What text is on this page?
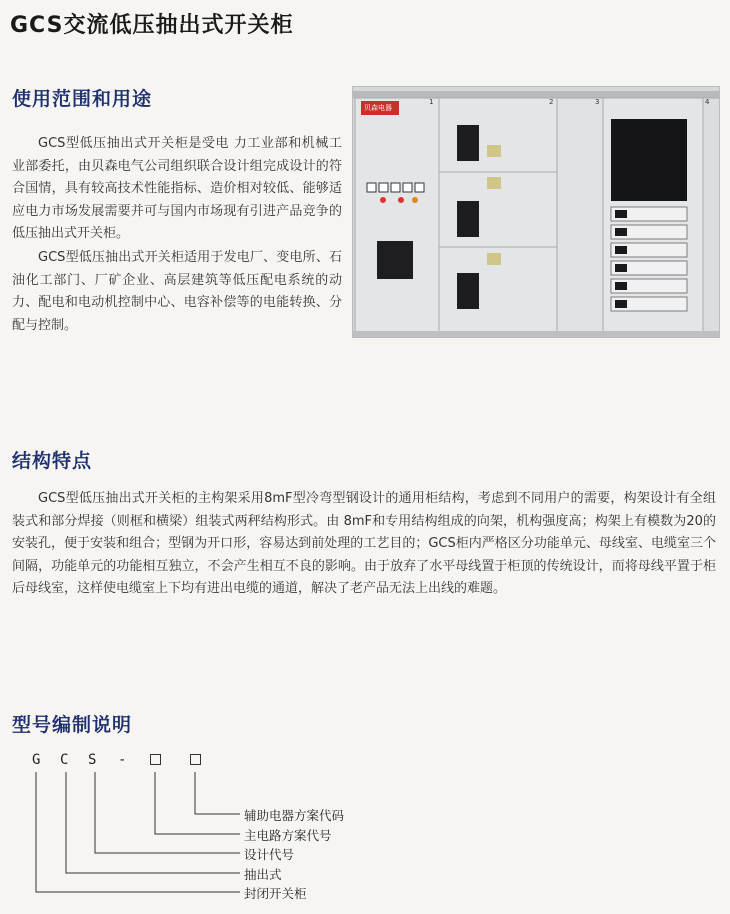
GCS交流低压抽出式开关柜
使用范围和用途

GCS型低压抽出式开关柜是受电 力工业部和机械工业部委托，由贝森电气公司组织联合设计组完成设计的符合国情，具有较高技术性能指标、造价相对较低、能够适应电力市场发展需要并可与国内市场现有引进产品竞争的低压抽出式开关柜。

GCS型低压抽出式开关柜适用于发电厂、变电所、石油化工部门、厂矿企业、高层建筑等低压配电系统的动力、配电和电动机控制中心、电容补偿等的电能转换、分配与控制。

贝森电器
1	2	3	4
结构特点

GCS型低压抽出式开关柜的主构架采用8mF型冷弯型钢设计的通用柜结构，考虑到不同用户的需要，构架设计有全组装式和部分焊接（则框和横梁）组装式两秤结构形式。由 8mF和专用结构组成的向架，机构强度高；构架上有模数为20的安装孔，便于安装和组合；型钢为开口形，容易达到前处理的工艺目的；GCS柜内严格区分功能单元、母线室、电缆室三个间隔，功能单元的功能相互独立，不会产生相互不良的影响。由于放弃了水平母线置于柜顶的传统设计，而将母线平置于柜后母线室，这样使电缆室上下均有进出电缆的通道，解决了老产品无法上出线的难题。

型号编制说明
G C S -
辅助电器方案代码
主电路方案代号
设计代号
抽出式
封闭开关柜
